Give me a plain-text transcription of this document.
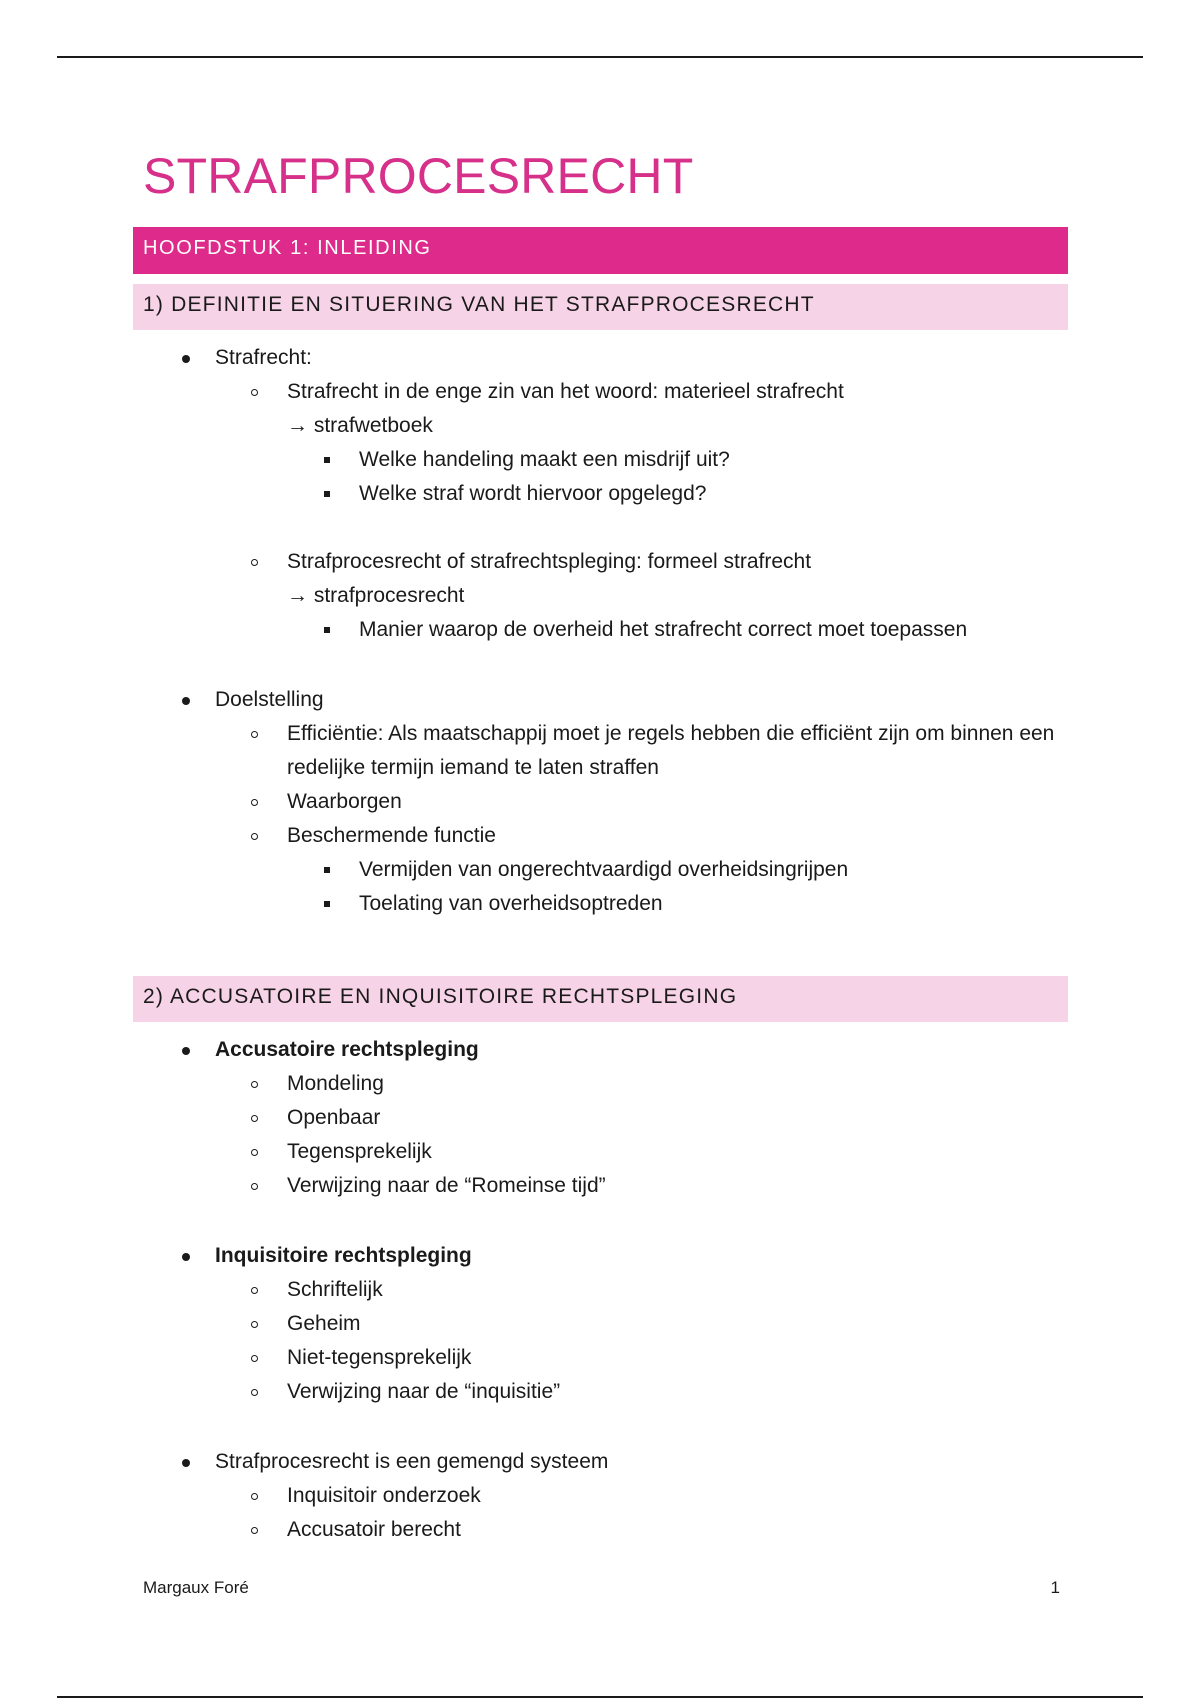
STRAFPROCESRECHT
HOOFDSTUK 1: INLEIDING
1) DEFINITIE EN SITUERING VAN HET STRAFPROCESRECHT
Strafrecht:
Strafrecht in de enge zin van het woord: materieel strafrecht
→ strafwetboek
Welke handeling maakt een misdrijf uit?
Welke straf wordt hiervoor opgelegd?
Strafprocesrecht of strafrechtspleging: formeel strafrecht
→ strafprocesrecht
Manier waarop de overheid het strafrecht correct moet toepassen
Doelstelling
Efficiëntie: Als maatschappij moet je regels hebben die efficiënt zijn om binnen een redelijke termijn iemand te laten straffen
Waarborgen
Beschermende functie
Vermijden van ongerechtvaardigd overheidsingrijpen
Toelating van overheidsoptreden
2) ACCUSATOIRE EN INQUISITOIRE RECHTSPLEGING
Accusatoire rechtspleging
Mondeling
Openbaar
Tegensprekelijk
Verwijzing naar de “Romeinse tijd”
Inquisitoire rechtspleging
Schriftelijk
Geheim
Niet-tegensprekelijk
Verwijzing naar de “inquisitie”
Strafprocesrecht is een gemengd systeem
Inquisitoir onderzoek
Accusatoir berecht
Margaux Foré	1
